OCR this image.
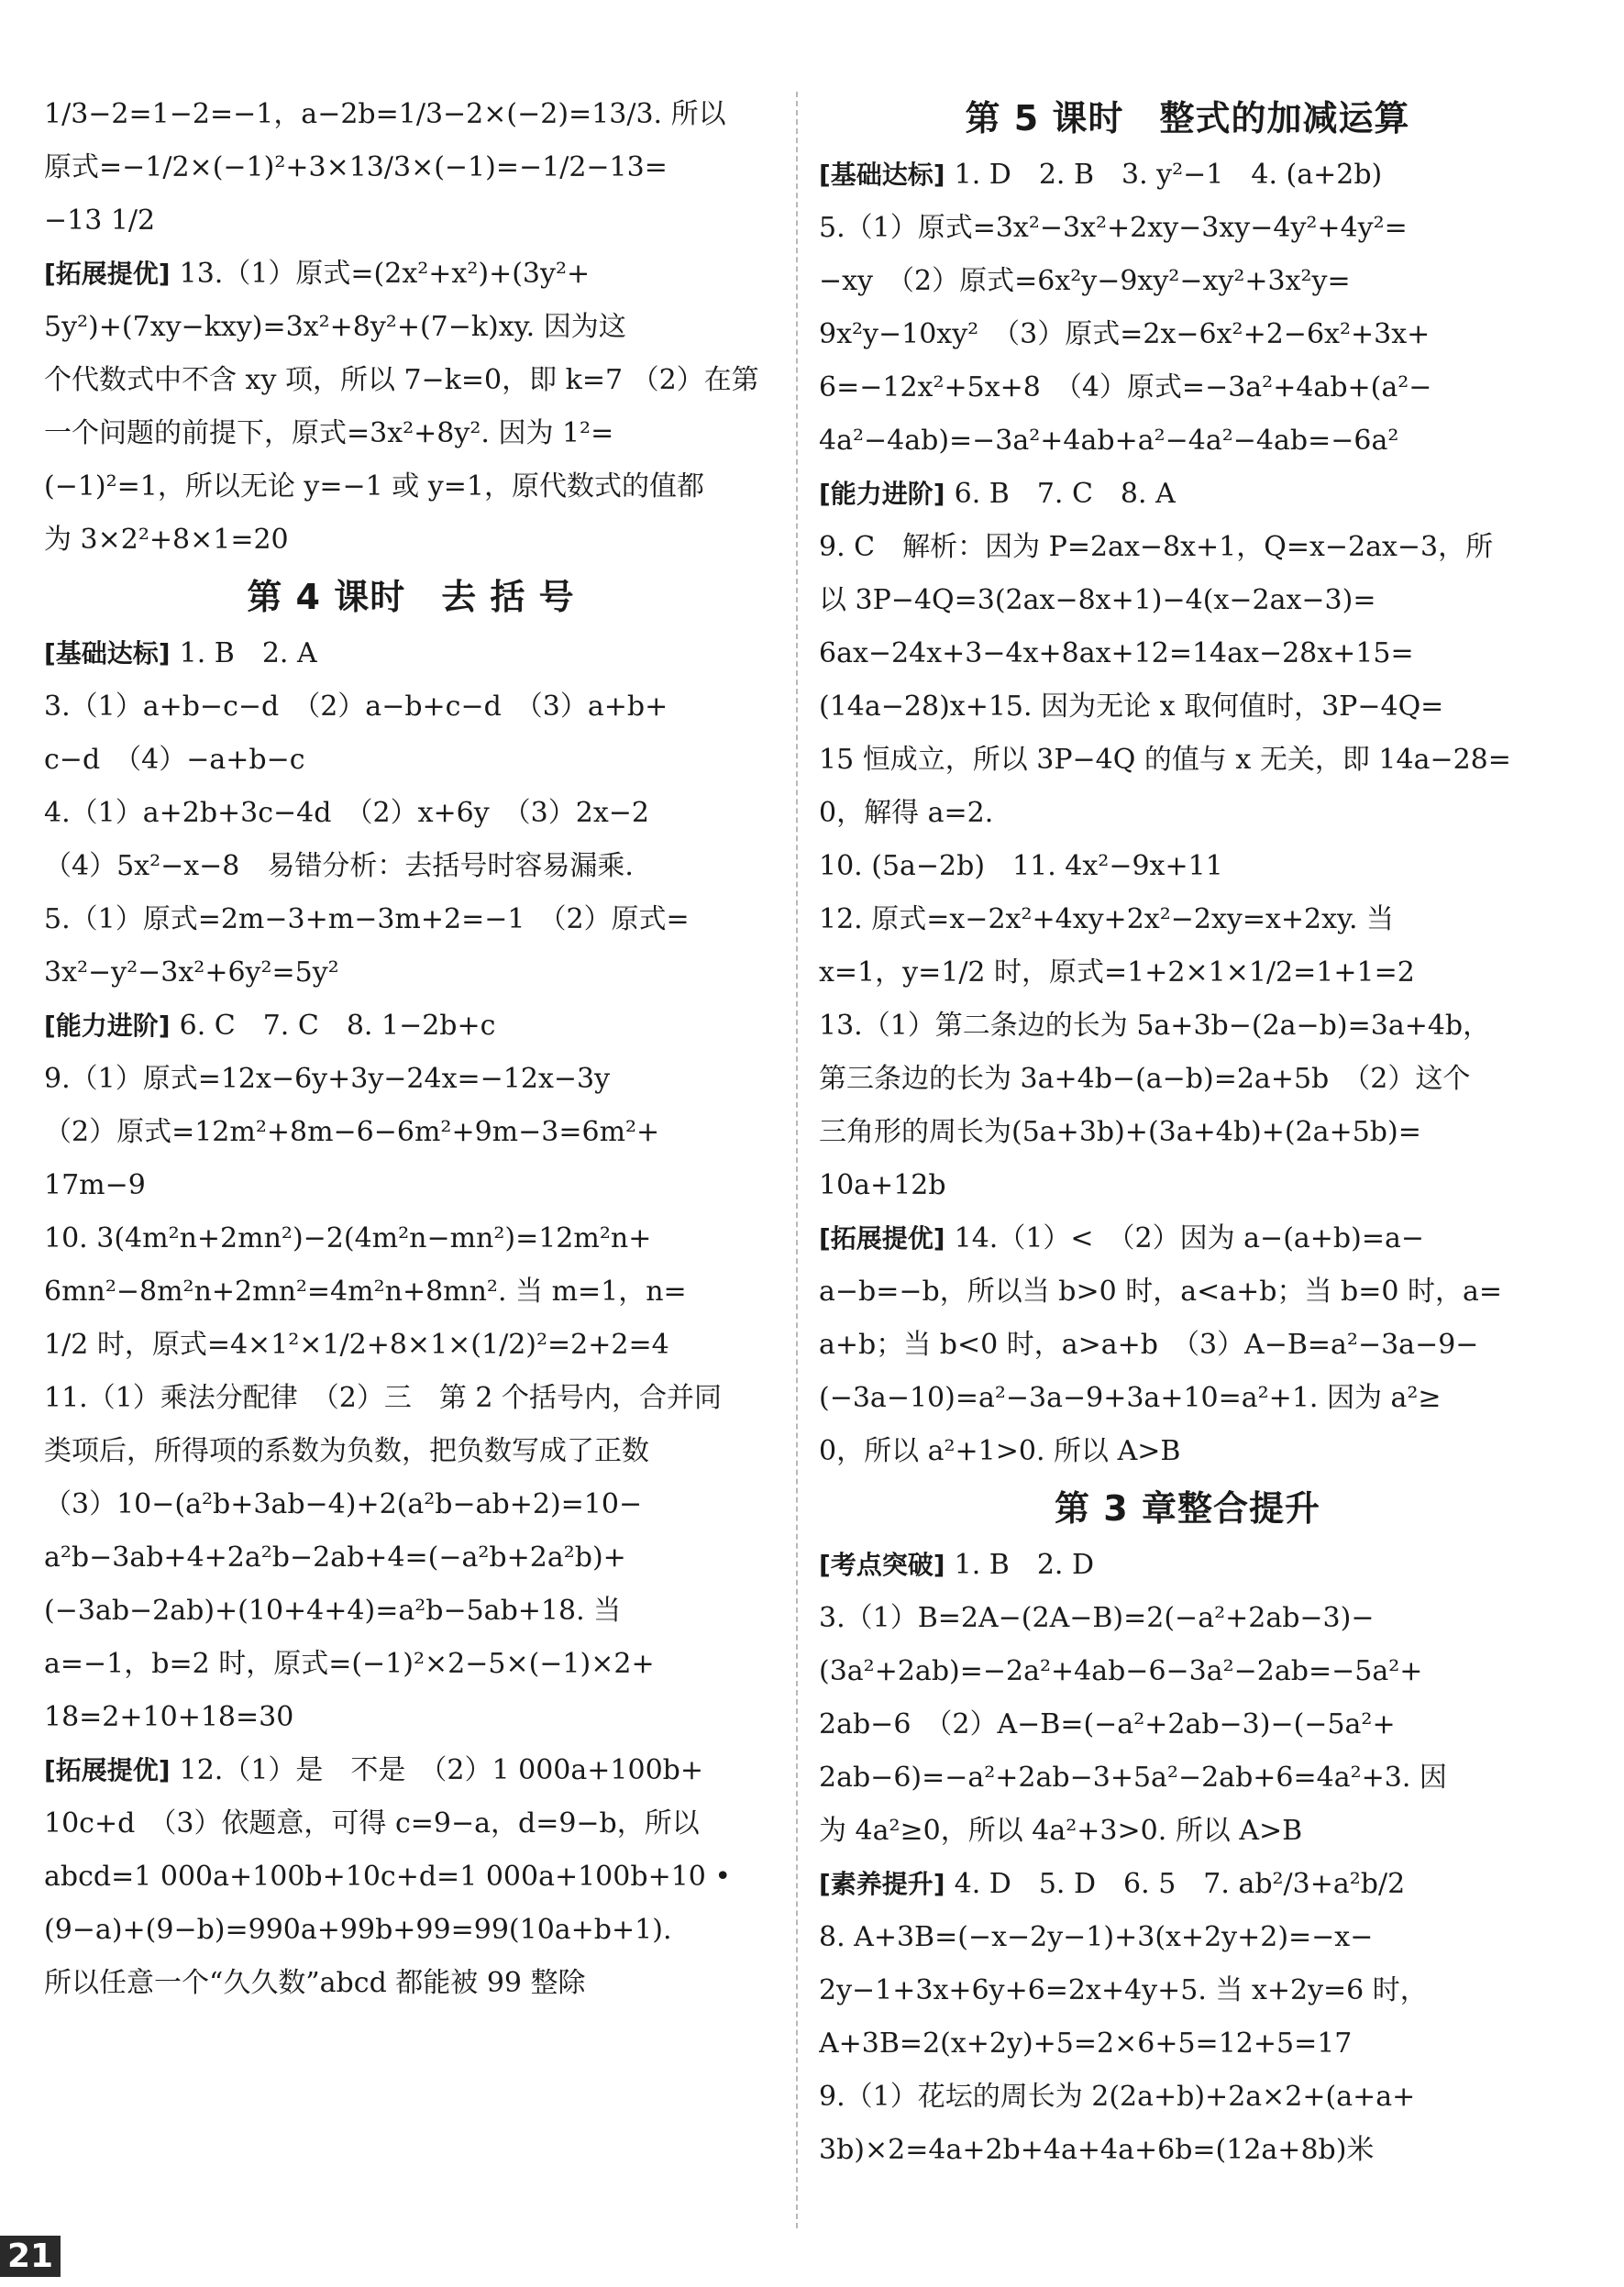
1/3−2=1−2=−1，a−2b=1/3−2×(−2)=13/3. 所以
原式=−1/2×(−1)²+3×13/3×(−1)=−1/2−13=
−13 1/2
[拓展提优] 13.（1）原式=(2x²+x²)+(3y²+
5y²)+(7xy−kxy)=3x²+8y²+(7−k)xy. 因为这
个代数式中不含 xy 项，所以 7−k=0，即 k=7 （2）在第
一个问题的前提下，原式=3x²+8y². 因为 1²=
(−1)²=1，所以无论 y=−1 或 y=1，原代数式的值都
为 3×2²+8×1=20
第 4 课时　去 括 号
[基础达标] 1. B　2. A
3.（1）a+b−c−d　（2）a−b+c−d　（3）a+b+
c−d　（4）−a+b−c
4.（1）a+2b+3c−4d　（2）x+6y　（3）2x−2
（4）5x²−x−8　易错分析：去括号时容易漏乘.
5.（1）原式=2m−3+m−3m+2=−1　（2）原式=
3x²−y²−3x²+6y²=5y²
[能力进阶] 6. C　7. C　8. 1−2b+c
9.（1）原式=12x−6y+3y−24x=−12x−3y
（2）原式=12m²+8m−6−6m²+9m−3=6m²+
17m−9
10. 3(4m²n+2mn²)−2(4m²n−mn²)=12m²n+
6mn²−8m²n+2mn²=4m²n+8mn². 当 m=1，n=
1/2 时，原式=4×1²×1/2+8×1×(1/2)²=2+2=4
11.（1）乘法分配律　（2）三　第 2 个括号内，合并同
类项后，所得项的系数为负数，把负数写成了正数
（3）10−(a²b+3ab−4)+2(a²b−ab+2)=10−
a²b−3ab+4+2a²b−2ab+4=(−a²b+2a²b)+
(−3ab−2ab)+(10+4+4)=a²b−5ab+18. 当
a=−1，b=2 时，原式=(−1)²×2−5×(−1)×2+
18=2+10+18=30
[拓展提优] 12.（1）是　不是　（2）1 000a+100b+
10c+d　（3）依题意，可得 c=9−a，d=9−b，所以
abcd=1 000a+100b+10c+d=1 000a+100b+10 •
(9−a)+(9−b)=990a+99b+99=99(10a+b+1).
所以任意一个“久久数”abcd 都能被 99 整除
第 5 课时　整式的加减运算
[基础达标] 1. D　2. B　3. y²−1　4. (a+2b)
5.（1）原式=3x²−3x²+2xy−3xy−4y²+4y²=
−xy　（2）原式=6x²y−9xy²−xy²+3x²y=
9x²y−10xy²　（3）原式=2x−6x²+2−6x²+3x+
6=−12x²+5x+8　（4）原式=−3a²+4ab+(a²−
4a²−4ab)=−3a²+4ab+a²−4a²−4ab=−6a²
[能力进阶] 6. B　7. C　8. A
9. C　解析：因为 P=2ax−8x+1，Q=x−2ax−3，所
以 3P−4Q=3(2ax−8x+1)−4(x−2ax−3)=
6ax−24x+3−4x+8ax+12=14ax−28x+15=
(14a−28)x+15. 因为无论 x 取何值时，3P−4Q=
15 恒成立，所以 3P−4Q 的值与 x 无关，即 14a−28=
0，解得 a=2.
10. (5a−2b)　11. 4x²−9x+11
12. 原式=x−2x²+4xy+2x²−2xy=x+2xy. 当
x=1，y=1/2 时，原式=1+2×1×1/2=1+1=2
13.（1）第二条边的长为 5a+3b−(2a−b)=3a+4b，
第三条边的长为 3a+4b−(a−b)=2a+5b　（2）这个
三角形的周长为(5a+3b)+(3a+4b)+(2a+5b)=
10a+12b
[拓展提优] 14.（1）<　（2）因为 a−(a+b)=a−
a−b=−b，所以当 b>0 时，a<a+b；当 b=0 时，a=
a+b；当 b<0 时，a>a+b　（3）A−B=a²−3a−9−
(−3a−10)=a²−3a−9+3a+10=a²+1. 因为 a²≥
0，所以 a²+1>0. 所以 A>B
第 3 章整合提升
[考点突破] 1. B　2. D
3.（1）B=2A−(2A−B)=2(−a²+2ab−3)−
(3a²+2ab)=−2a²+4ab−6−3a²−2ab=−5a²+
2ab−6　（2）A−B=(−a²+2ab−3)−(−5a²+
2ab−6)=−a²+2ab−3+5a²−2ab+6=4a²+3. 因
为 4a²≥0，所以 4a²+3>0. 所以 A>B
[素养提升] 4. D　5. D　6. 5　7. ab²/3+a²b/2
8. A+3B=(−x−2y−1)+3(x+2y+2)=−x−
2y−1+3x+6y+6=2x+4y+5. 当 x+2y=6 时，
A+3B=2(x+2y)+5=2×6+5=12+5=17
9.（1）花坛的周长为 2(2a+b)+2a×2+(a+a+
3b)×2=4a+2b+4a+4a+6b=(12a+8b)米
21
